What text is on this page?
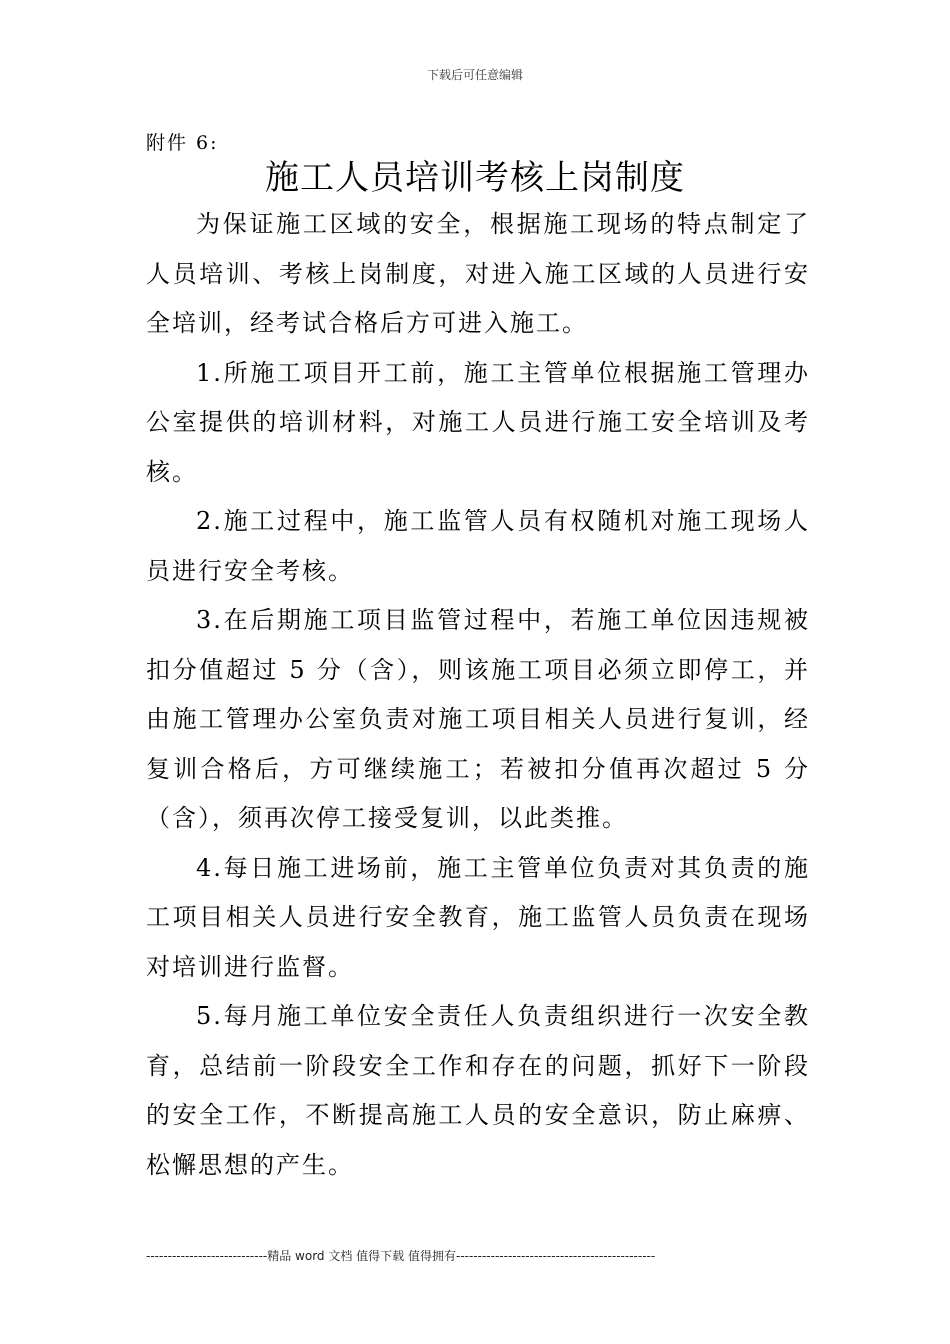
下载后可任意编辑
附件 6:
施工人员培训考核上岗制度

为保证施工区域的安全，根据施工现场的特点制定了人员培训、考核上岗制度，对进入施工区域的人员进行安全培训，经考试合格后方可进入施工。

1.所施工项目开工前，施工主管单位根据施工管理办公室提供的培训材料，对施工人员进行施工安全培训及考核。

2.施工过程中，施工监管人员有权随机对施工现场人员进行安全考核。

3.在后期施工项目监管过程中，若施工单位因违规被扣分值超过 5 分（含），则该施工项目必须立即停工，并由施工管理办公室负责对施工项目相关人员进行复训，经复训合格后，方可继续施工；若被扣分值再次超过 5 分（含），须再次停工接受复训，以此类推。

4.每日施工进场前，施工主管单位负责对其负责的施工项目相关人员进行安全教育，施工监管人员负责在现场对培训进行监督。

5.每月施工单位安全责任人负责组织进行一次安全教育，总结前一阶段安全工作和存在的问题，抓好下一阶段的安全工作，不断提高施工人员的安全意识，防止麻痹、松懈思想的产生。

----------------------------精品 word 文档 值得下载 值得拥有----------------------------------------------
